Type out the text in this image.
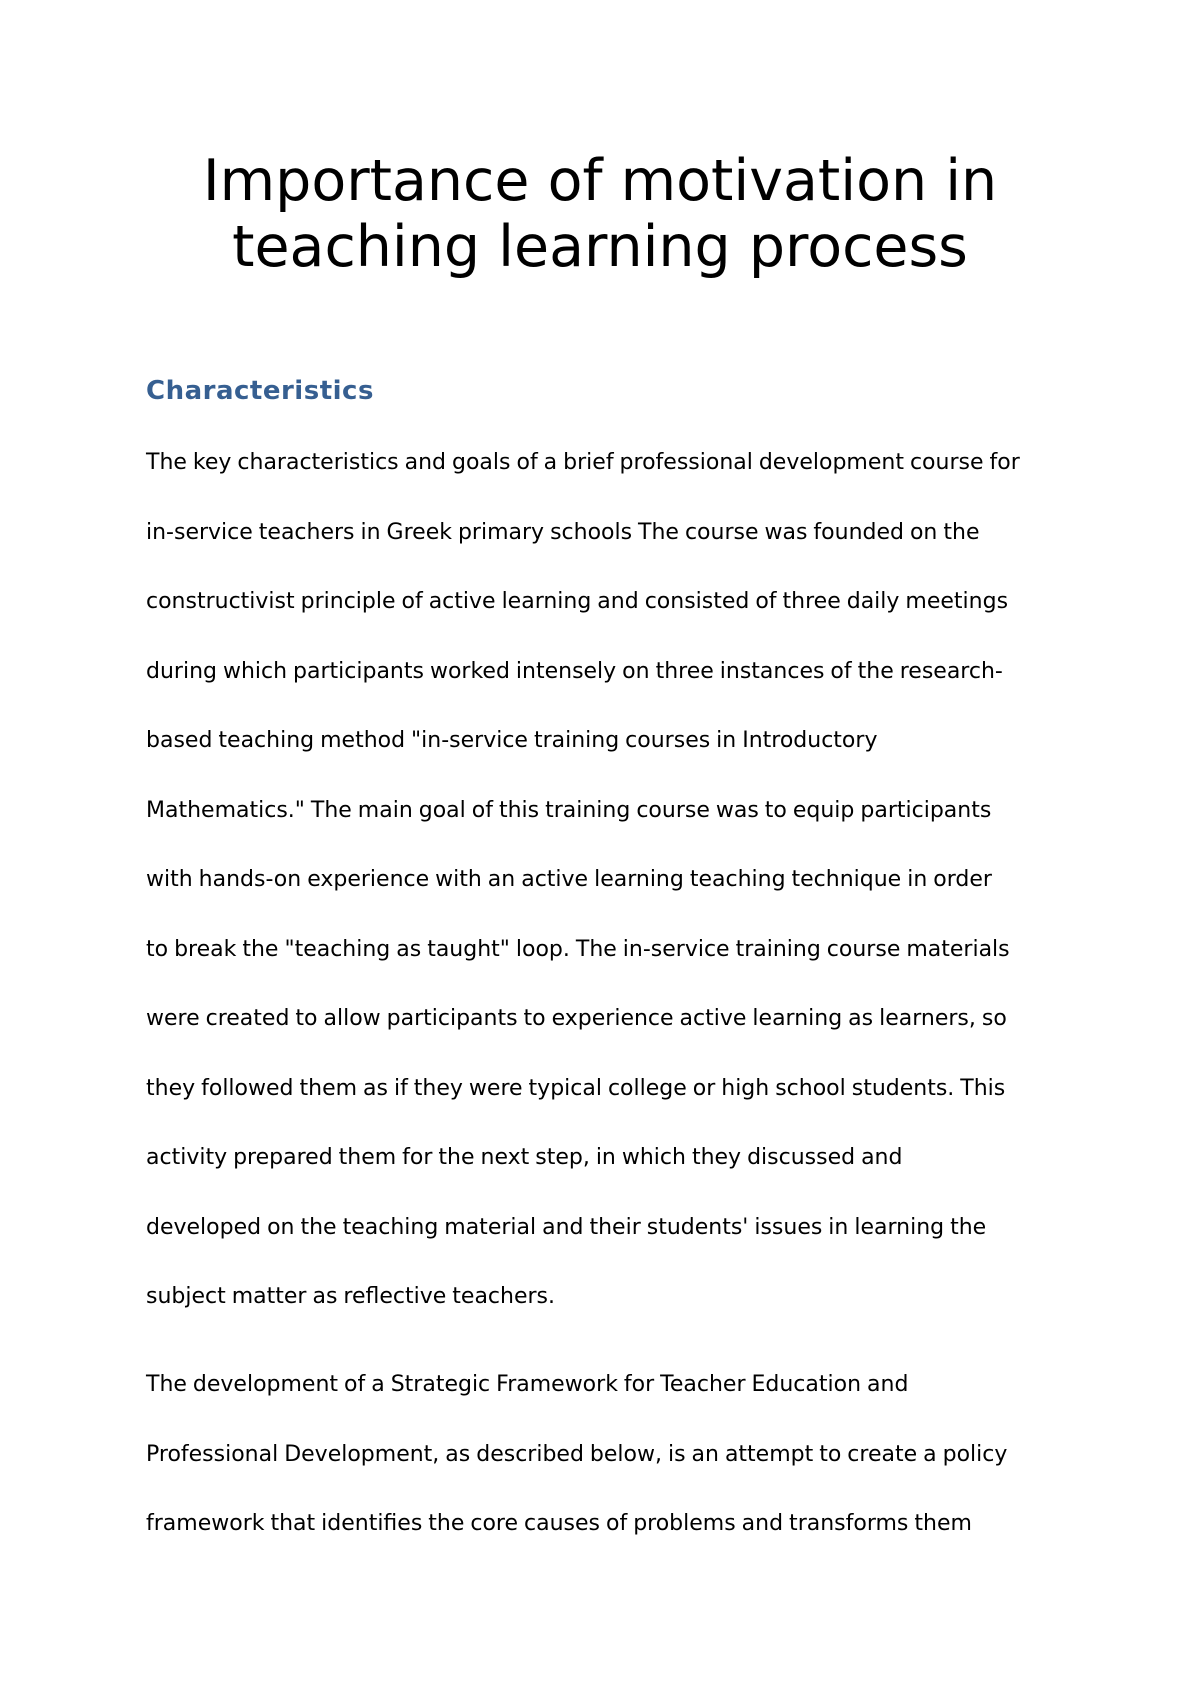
Importance of motivation in
teaching learning process
Characteristics

The key characteristics and goals of a brief professional development course for
in-service teachers in Greek primary schools The course was founded on the
constructivist principle of active learning and consisted of three daily meetings
during which participants worked intensely on three instances of the research-
based teaching method "in-service training courses in Introductory
Mathematics." The main goal of this training course was to equip participants
with hands-on experience with an active learning teaching technique in order
to break the "teaching as taught" loop. The in-service training course materials
were created to allow participants to experience active learning as learners, so
they followed them as if they were typical college or high school students. This
activity prepared them for the next step, in which they discussed and
developed on the teaching material and their students' issues in learning the
subject matter as reflective teachers.

The development of a Strategic Framework for Teacher Education and
Professional Development, as described below, is an attempt to create a policy
framework that identifies the core causes of problems and transforms them
